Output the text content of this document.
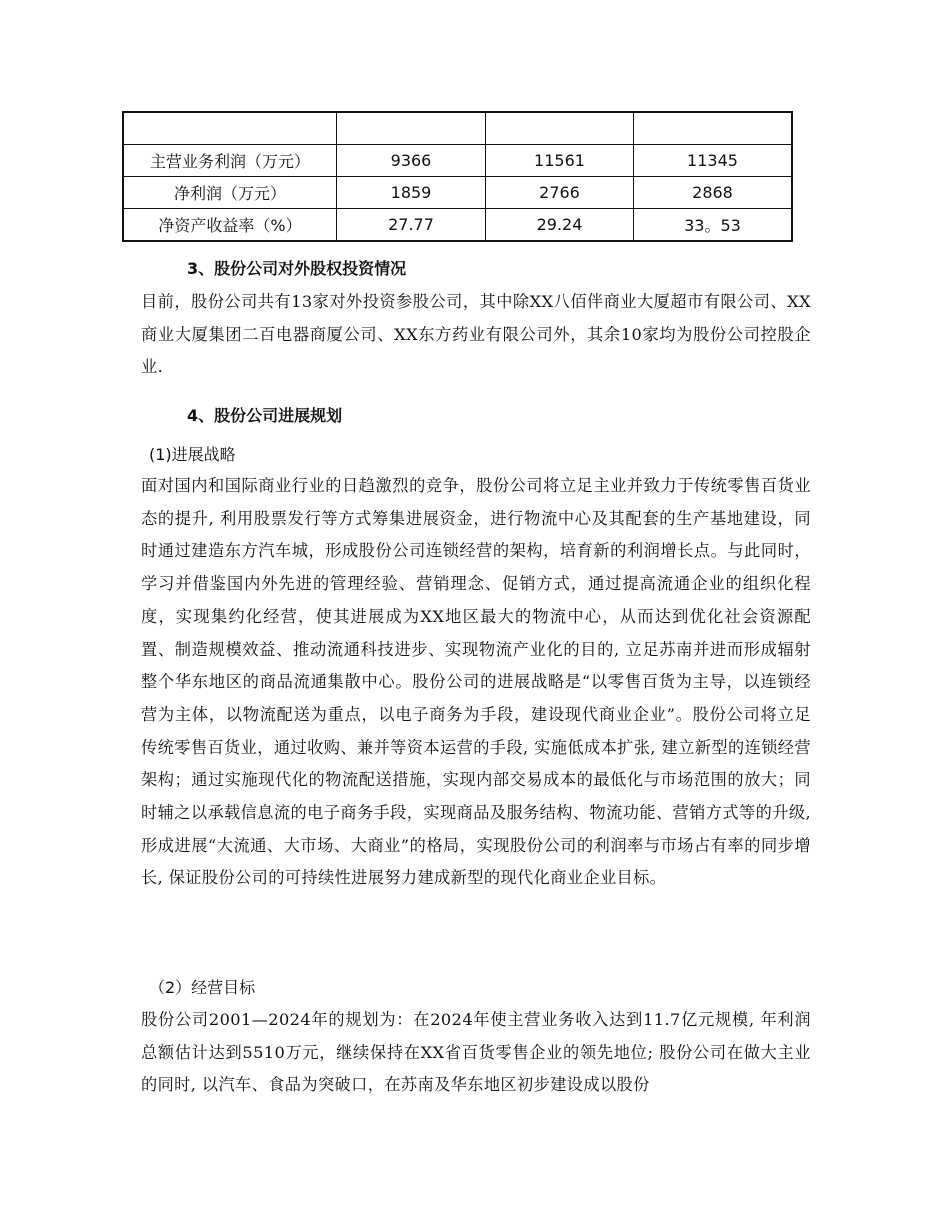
主营业务利润（万元）	9366	11561	11345
净利润（万元）	1859	2766	2868
净资产收益率（%）	27.77	29.24	33。53
3、股份公司对外股权投资情况

目前，股份公司共有13家对外投资参股公司，其中除XX八佰伴商业大厦超市有限公司、XX商业大厦集团二百电器商厦公司、XX东方药业有限公司外，其余10家均为股份公司控股企业.

4、股份公司进展规划
(1)进展战略

面对国内和国际商业行业的日趋激烈的竞争，股份公司将立足主业并致力于传统零售百货业态的提升, 利用股票发行等方式筹集进展资金，进行物流中心及其配套的生产基地建设，同时通过建造东方汽车城，形成股份公司连锁经营的架构，培育新的利润增长点。与此同时，学习并借鉴国内外先进的管理经验、营销理念、促销方式，通过提高流通企业的组织化程度，实现集约化经营，使其进展成为XX地区最大的物流中心，从而达到优化社会资源配置、制造规模效益、推动流通科技进步、实现物流产业化的目的, 立足苏南并进而形成辐射整个华东地区的商品流通集散中心。股份公司的进展战略是“以零售百货为主导，以连锁经营为主体，以物流配送为重点，以电子商务为手段，建设现代商业企业”。股份公司将立足传统零售百货业，通过收购、兼并等资本运营的手段, 实施低成本扩张, 建立新型的连锁经营架构；通过实施现代化的物流配送措施，实现内部交易成本的最低化与市场范围的放大；同时辅之以承载信息流的电子商务手段，实现商品及服务结构、物流功能、营销方式等的升级, 形成进展“大流通、大市场、大商业”的格局，实现股份公司的利润率与市场占有率的同步增长, 保证股份公司的可持续性进展努力建成新型的现代化商业企业目标。

（2）经营目标

股份公司2001—2024年的规划为：在2024年使主营业务收入达到11.7亿元规模, 年利润总额估计达到5510万元，继续保持在XX省百货零售企业的领先地位; 股份公司在做大主业的同时, 以汽车、食品为突破口，在苏南及华东地区初步建设成以股份
